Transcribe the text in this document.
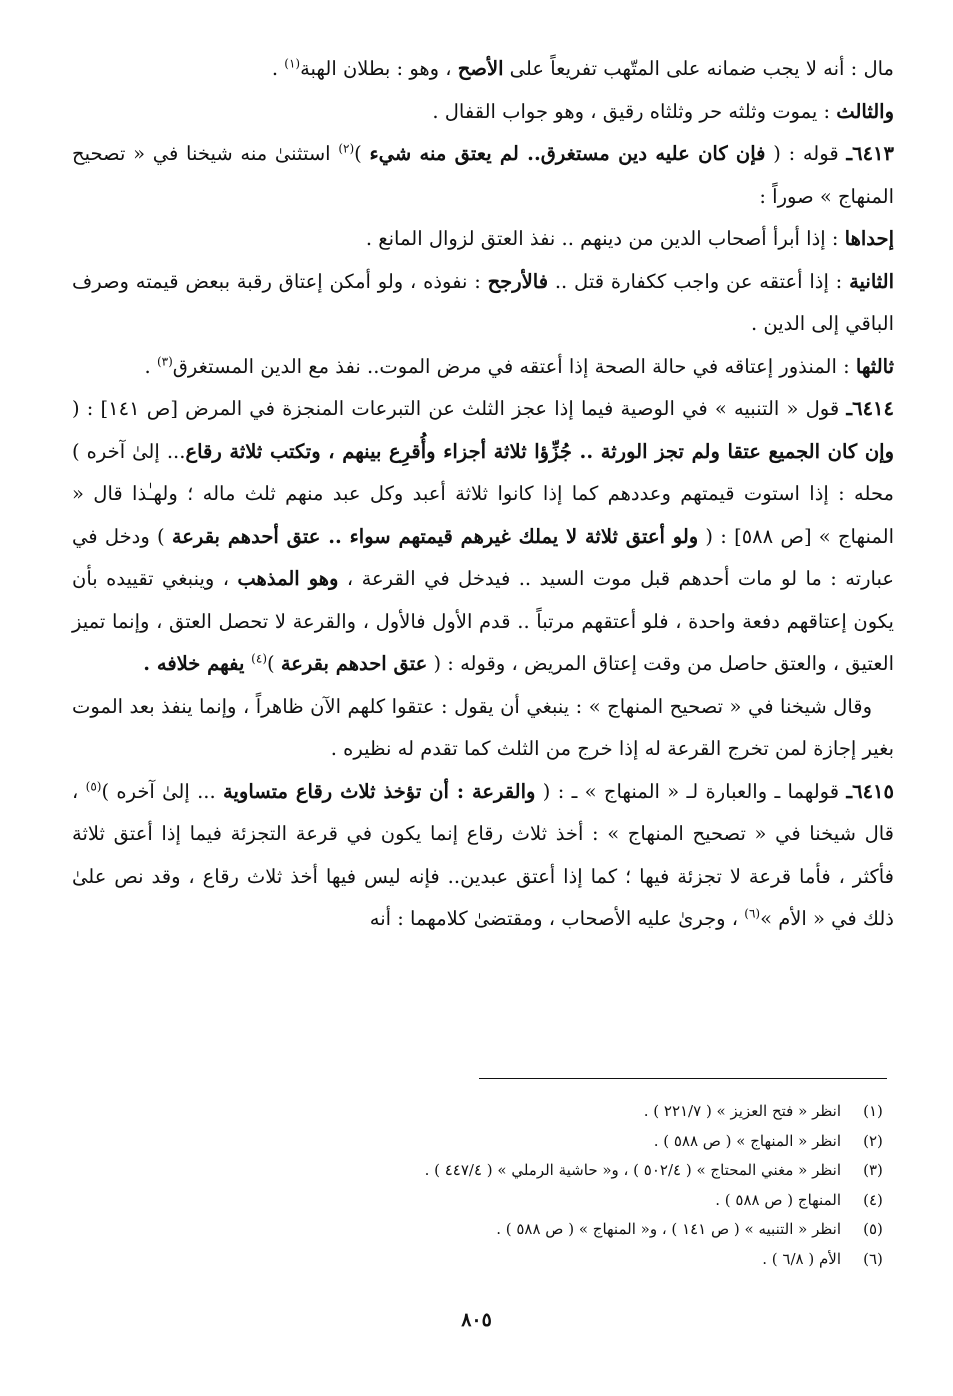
مال : أنه لا يجب ضمانه على المتّهب تفريعاً على الأصح ، وهو : بطلان الهبة$^{(١)}$ .

والثالث : يموت وثلثه حر وثلثاه رقيق ، وهو جواب القفال .

٦٤١٣ـ قوله : ( فإن كان عليه دين مستغرق.. لم يعتق منه شيء )$^{(٢)}$ استثنىٰ منه شيخنا في « تصحيح المنهاج » صوراً :

إحداها : إذا أبرأ أصحاب الدين من دينهم .. نفذ العتق لزوال المانع .

الثانية : إذا أعتقه عن واجب ككفارة قتل .. فالأرجح : نفوذه ، ولو أمكن إعتاق رقبة ببعض قيمته وصرف الباقي إلى الدين .

ثالثها : المنذور إعتاقه في حالة الصحة إذا أعتقه في مرض الموت.. نفذ مع الدين المستغرق$^{(٣)}$ .

٦٤١٤ـ قول « التنبيه » في الوصية فيما إذا عجز الثلث عن التبرعات المنجزة في المرض [ص ١٤١] : ( وإن كان الجميع عتقا ولم تجز الورثة .. جُزِّؤا ثلاثة أجزاء وأُقرِع بينهم ، وتكتب ثلاثة رقاع... إلىٰ آخره ) محله : إذا استوت قيمتهم وعددهم كما إذا كانوا ثلاثة أعبد وكل عبد منهم ثلث ماله ؛ ولهـٰذا قال « المنهاج » [ص ٥٨٨] : ( ولو أعتق ثلاثة لا يملك غيرهم قيمتهم سواء .. عتق أحدهم بقرعة ) ودخل في عبارته : ما لو مات أحدهم قبل موت السيد .. فيدخل في القرعة ، وهو المذهب ، وينبغي تقييده بأن يكون إعتاقهم دفعة واحدة ، فلو أعتقهم مرتباً .. قدم الأول فالأول ، والقرعة لا تحصل العتق ، وإنما تميز العتيق ، والعتق حاصل من وقت إعتاق المريض ، وقوله : ( عتق احدهم بقرعة )$^{(٤)}$ يفهم خلافه .

وقال شيخنا في « تصحيح المنهاج » : ينبغي أن يقول : عتقوا كلهم الآن ظاهراً ، وإنما ينفذ بعد الموت بغير إجازة لمن تخرج القرعة له إذا خرج من الثلث كما تقدم له نظيره .

٦٤١٥ـ قولهما ـ والعبارة لـ « المنهاج » ـ : ( والقرعة : أن تؤخذ ثلاث رقاع متساوية ... إلىٰ آخره )$^{(٥)}$ ، قال شيخنا في « تصحيح المنهاج » : أخذ ثلاث رقاع إنما يكون في قرعة التجزئة فيما إذا أعتق ثلاثة فأكثر ، فأما قرعة لا تجزئة فيها ؛ كما إذا أعتق عبدين.. فإنه ليس فيها أخذ ثلاث رقاع ، وقد نص علىٰ ذلك في « الأم »$^{(٦)}$ ، وجرىٰ عليه الأصحاب ، ومقتضىٰ كلامهما : أنه

(١)
انظر « فتح العزيز » ( ٢٢١/٧ ) .

(٢)
انظر « المنهاج » ( ص ٥٨٨ ) .

(٣)
انظر « مغني المحتاج » ( ٥٠٢/٤ ) ، و« حاشية الرملي » ( ٤٤٧/٤ ) .

(٤)
المنهاج ( ص ٥٨٨ ) .

(٥)
انظر « التنبيه » ( ص ١٤١ ) ، و« المنهاج » ( ص ٥٨٨ ) .

(٦)
الأم ( ٦/٨ ) .

٨٠٥
